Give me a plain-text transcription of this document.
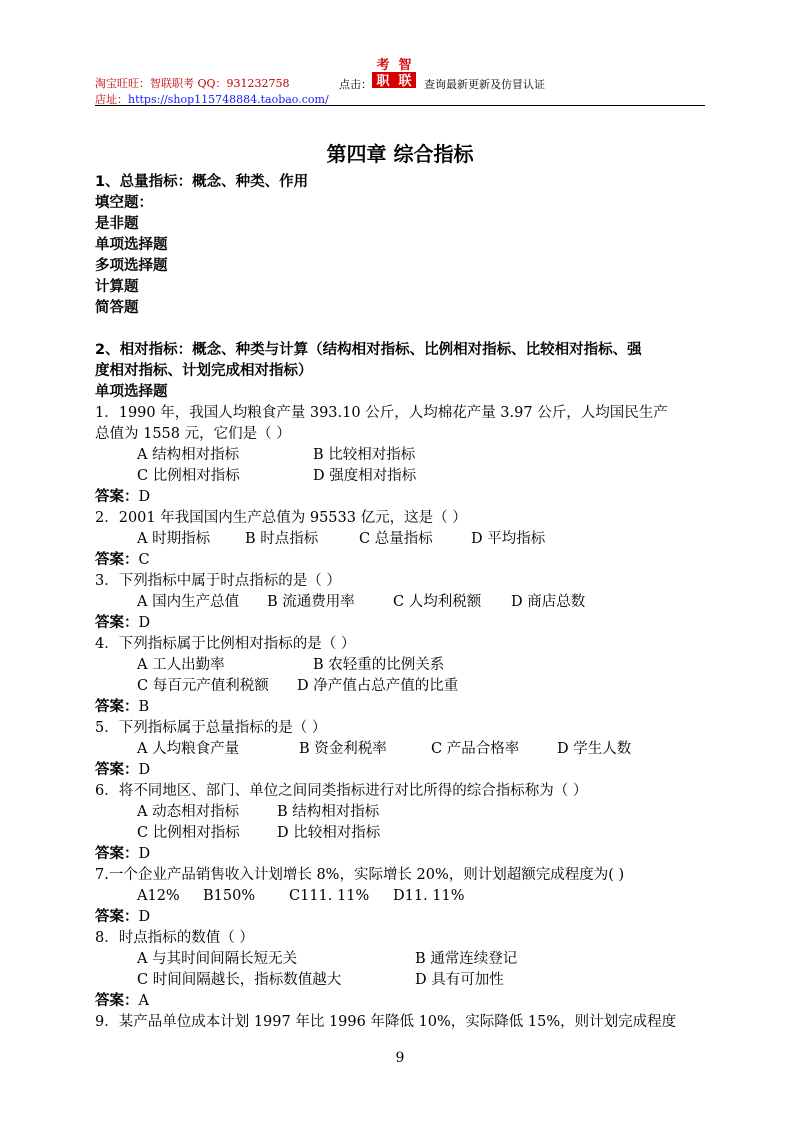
淘宝旺旺：智联职考 QQ：931232758
店址：https://shop115748884.taobao.com/
点击：
考 智
职 联 查询最新更新及仿冒认证
第四章 综合指标
1、总量指标：概念、种类、作用
填空题：
是非题
单项选择题
多项选择题
计算题
简答题
2、相对指标：概念、种类与计算（结构相对指标、比例相对指标、比较相对指标、强
度相对指标、计划完成相对指标）
单项选择题
1．1990 年，我国人均粮食产量 393.10 公斤，人均棉花产量 3.97 公斤，人均国民生产
总值为 1558 元，它们是（ ）
A 结构相对指标	B 比较相对指标
C 比例相对指标	D 强度相对指标
答案：D
2．2001 年我国国内生产总值为 95533 亿元，这是（ ）
A 时期指标 B 时点指标	C 总量指标	D 平均指标
答案：C
3．下列指标中属于时点指标的是（ ）
A 国内生产总值 B 流通费用率	C 人均利税额 D 商店总数
答案：D
4．下列指标属于比例相对指标的是（ ）
A 工人出勤率	B 农轻重的比例关系
C 每百元产值利税额 D 净产值占总产值的比重
答案：B
5．下列指标属于总量指标的是（ ）
A 人均粮食产量	B 资金利税率	C 产品合格率	D 学生人数
答案：D
6．将不同地区、部门、单位之间同类指标进行对比所得的综合指标称为（ ）
A 动态相对指标	B 结构相对指标
C 比例相对指标	D 比较相对指标
答案：D
7.一个企业产品销售收入计划增长 8%，实际增长 20%，则计划超额完成程度为( )
A12% B150% C111. 11% D11. 11%
答案：D
8．时点指标的数值（ ）
A 与其时间间隔长短无关	B 通常连续登记
C 时间间隔越长，指标数值越大	D 具有可加性
答案：A
9．某产品单位成本计划 1997 年比 1996 年降低 10%，实际降低 15%，则计划完成程度
9
